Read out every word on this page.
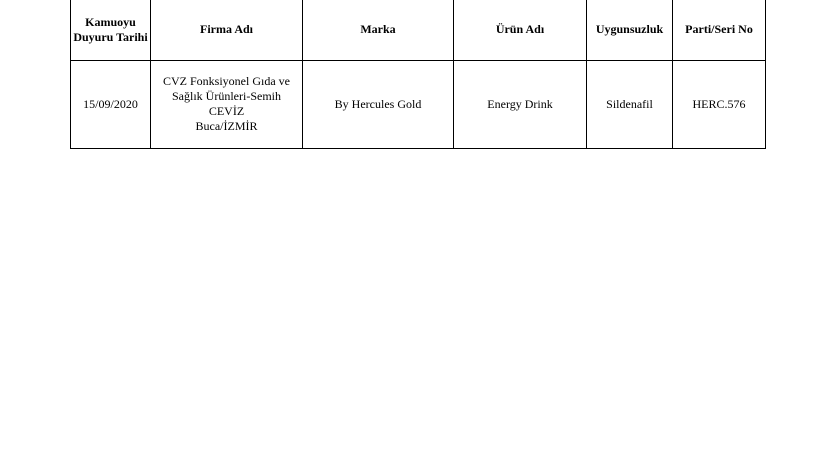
Kamuoyu
Duyuru Tarihi	Firma Adı	Marka	Ürün Adı	Uygunsuzluk	Parti/Seri No
15/09/2020	CVZ Fonksiyonel Gıda ve
Sağlık Ürünleri-Semih CEVİZ
Buca/İZMİR	By Hercules Gold	Energy Drink	Sildenafil	HERC.576
